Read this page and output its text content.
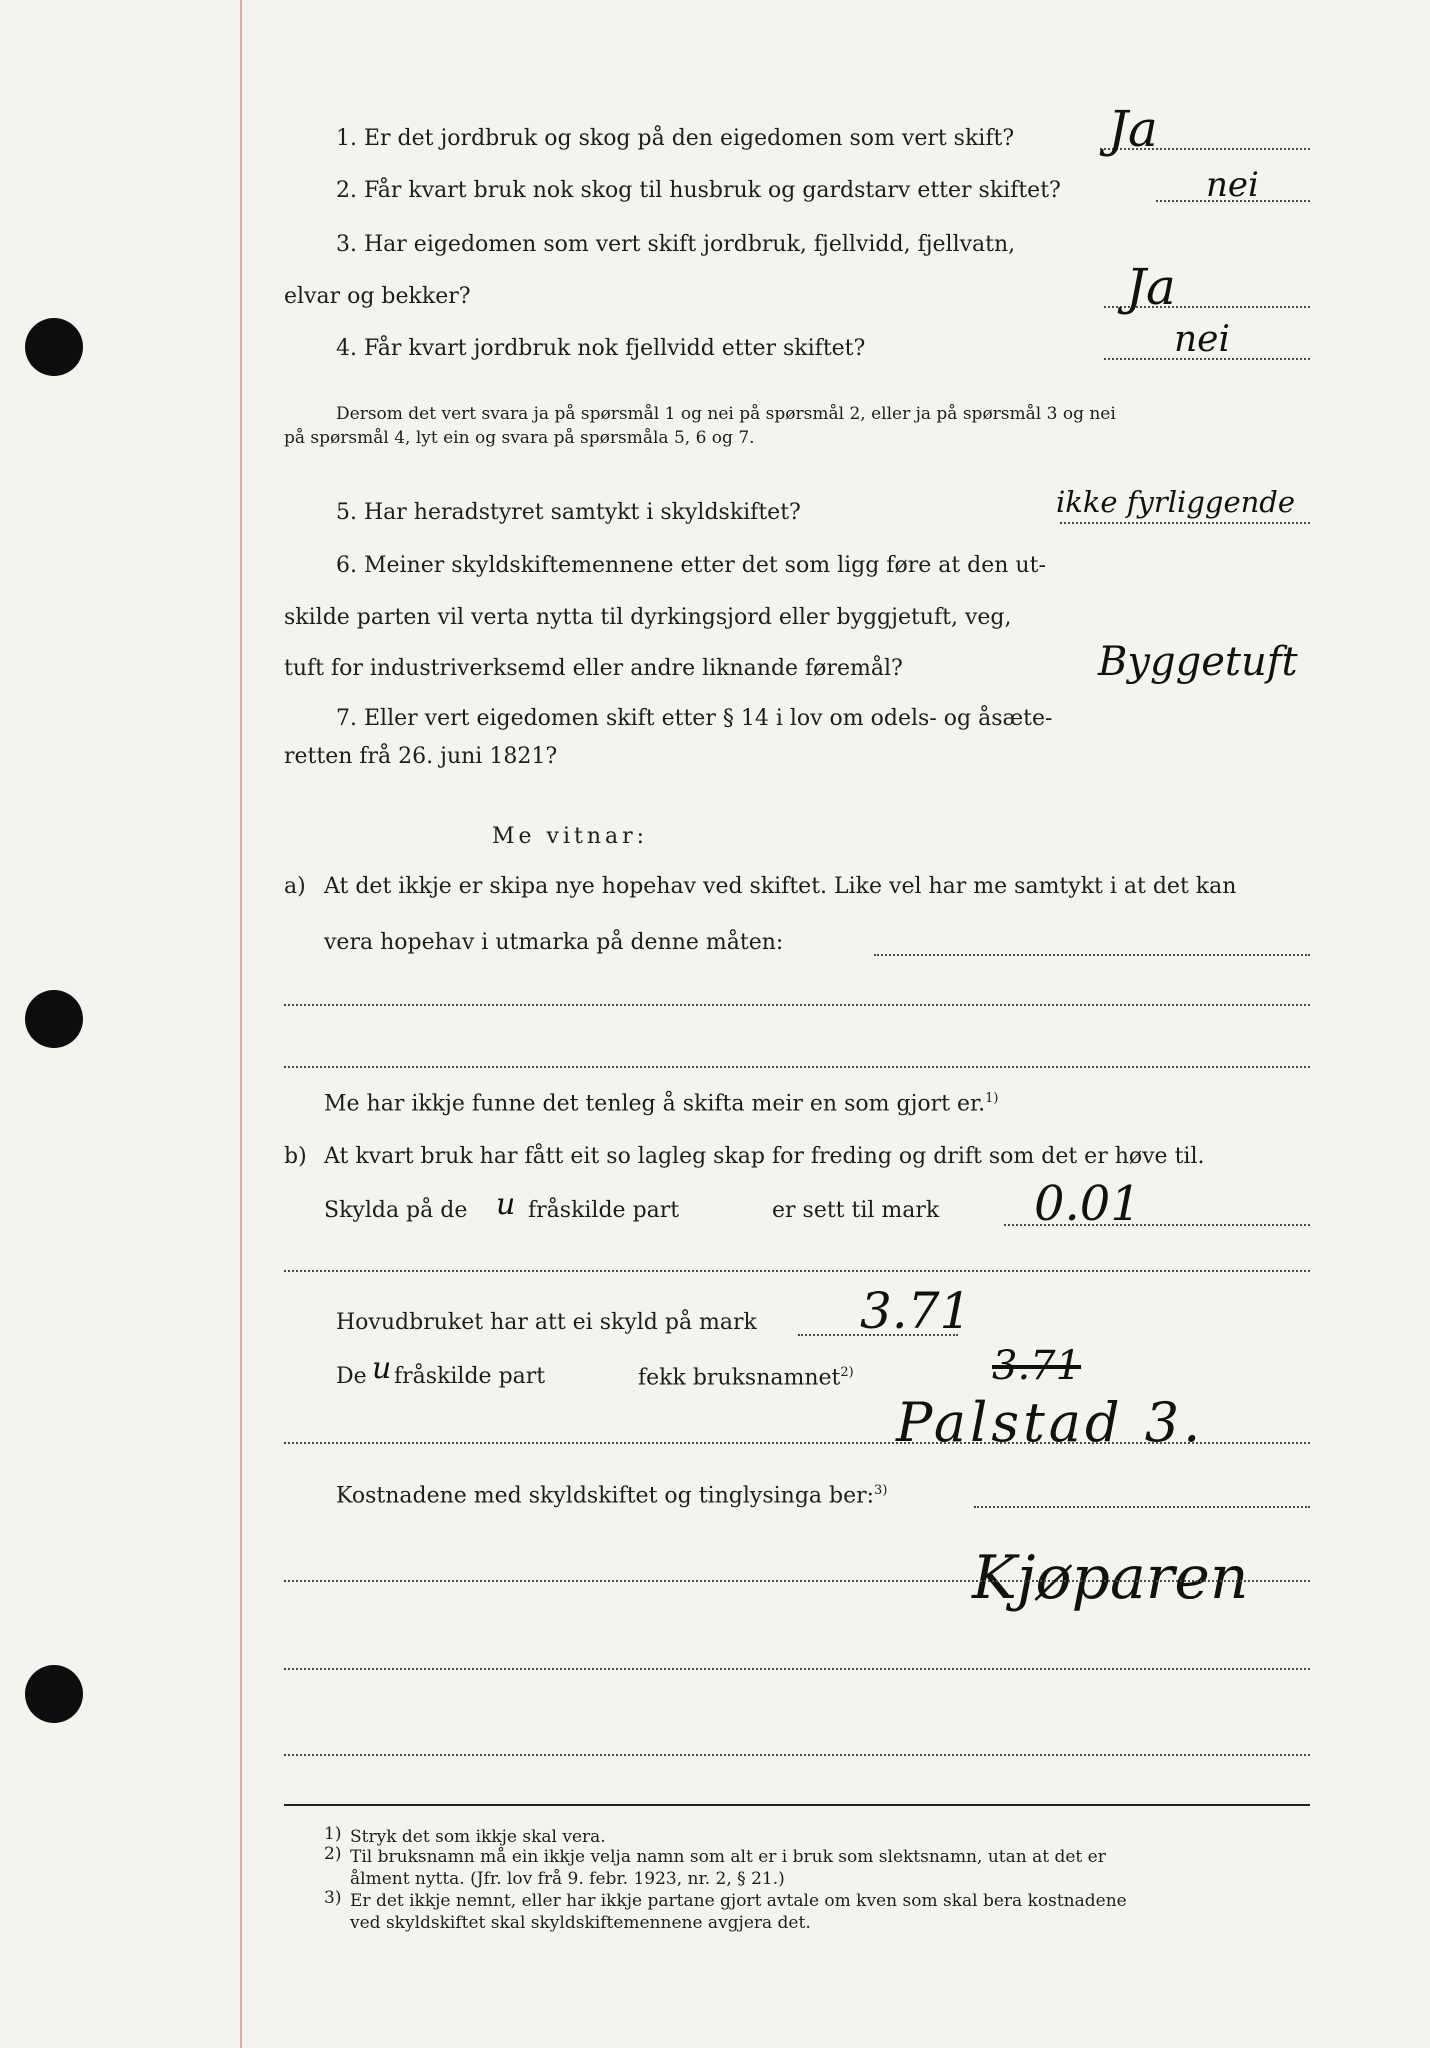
1. Er det jordbruk og skog på den eigedomen som vert skift? Ja
2. Får kvart bruk nok skog til husbruk og gardstarv etter skiftet?	nei
3. Har eigedomen som vert skift jordbruk, fjellvidd, fjellvatn,
elvar og bekker?	Ja
4. Får kvart jordbruk nok fjellvidd etter skiftet?	nei
Dersom det vert svara ja på spørsmål 1 og nei på spørsmål 2, eller ja på spørsmål 3 og nei
på spørsmål 4, lyt ein og svara på spørsmåla 5, 6 og 7.
5. Har heradstyret samtykt i skyldskiftet?	ikke fyrliggende
6. Meiner skyldskiftemennene etter det som ligg føre at den ut-
skilde parten vil verta nytta til dyrkingsjord eller byggjetuft, veg,
tuft for industriverksemd eller andre liknande føremål?	Byggetuft
7. Eller vert eigedomen skift etter § 14 i lov om odels- og åsæte-
retten frå 26. juni 1821?
Me vitnar:
a) At det ikkje er skipa nye hopehav ved skiftet. Like vel har me samtykt i at det kan
vera hopehav i utmarka på denne måten:
Me har ikkje funne det tenleg å skifta meir en som gjort er.$^{1)}$
b) At kvart bruk har fått eit so lagleg skap for freding og drift som det er høve til.
Skylda på de u fråskilde part	er sett til mark 0.01
Hovudbruket har att ei skyld på mark 3.71
De u fråskilde part	fekk bruksnamnet$^{2)}$	3.71
Palstad 3.
Kostnadene med skyldskiftet og tinglysinga ber:$^{3)}$
Kjøparen
1) Stryk det som ikkje skal vera.
2) Til bruksnamn må ein ikkje velja namn som alt er i bruk som slektsnamn, utan at det er
ålment nytta. (Jfr. lov frå 9. febr. 1923, nr. 2, § 21.)
3) Er det ikkje nemnt, eller har ikkje partane gjort avtale om kven som skal bera kostnadene
ved skyldskiftet skal skyldskiftemennene avgjera det.
